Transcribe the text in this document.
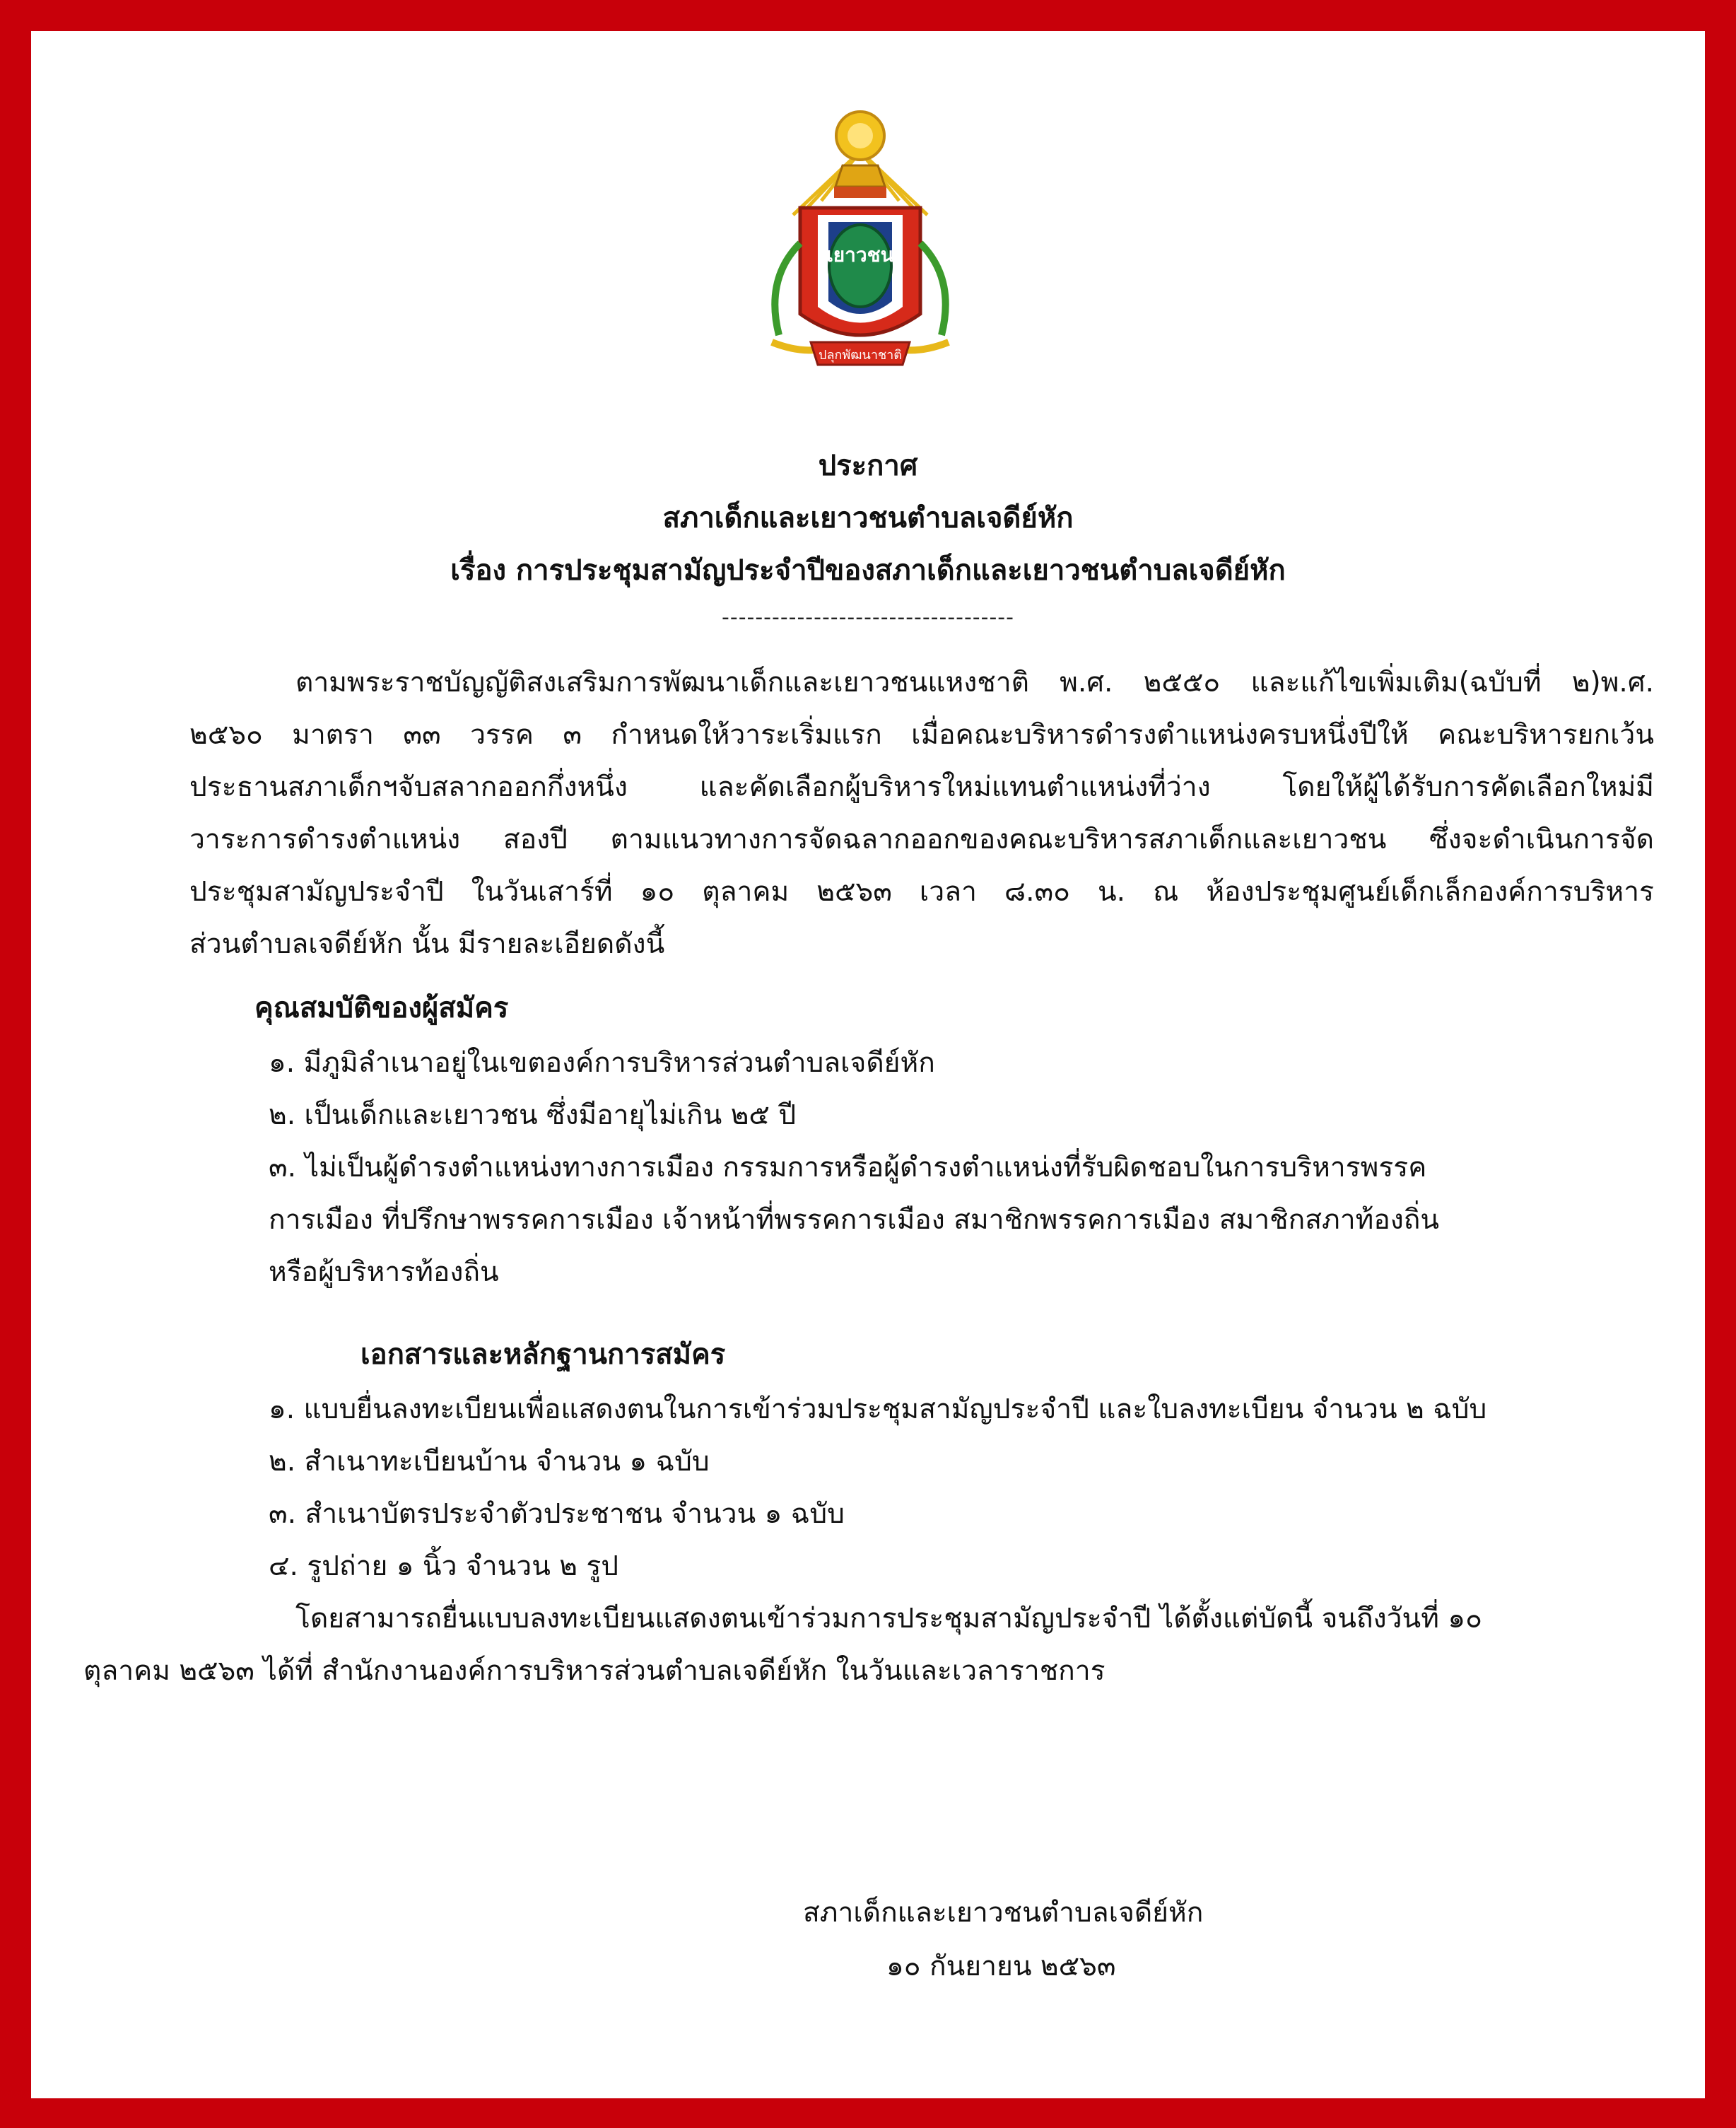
เยาวชน
ปลุกพัฒนาชาติ
ประกาศ
สภาเด็กและเยาวชนตำบลเจดีย์หัก
เรื่อง การประชุมสามัญประจำปีของสภาเด็กและเยาวชนตำบลเจดีย์หัก
-----------------------------------
ตามพระราชบัญญัติสงเสริมการพัฒนาเด็กและเยาวชนแหงชาติ พ.ศ. ๒๕๕๐ และแก้ไขเพิ่มเติม(ฉบับที่ ๒)พ.ศ.
๒๕๖๐ มาตรา ๓๓ วรรค ๓ กำหนดให้วาระเริ่มแรก เมื่อคณะบริหารดำรงตำแหน่งครบหนึ่งปีให้ คณะบริหารยกเว้น
ประธานสภาเด็กฯจับสลากออกกึ่งหนึ่ง และคัดเลือกผู้บริหารใหม่แทนตำแหน่งที่ว่าง โดยให้ผู้ได้รับการคัดเลือกใหม่มี
วาระการดำรงตำแหน่ง สองปี ตามแนวทางการจัดฉลากออกของคณะบริหารสภาเด็กและเยาวชน ซึ่งจะดำเนินการจัด
ประชุมสามัญประจำปี ในวันเสาร์ที่ ๑๐ ตุลาคม ๒๕๖๓ เวลา ๘.๓๐ น. ณ ห้องประชุมศูนย์เด็กเล็กองค์การบริหาร
ส่วนตำบลเจดีย์หัก นั้น มีรายละเอียดดังนี้
คุณสมบัติของผู้สมัคร
๑. มีภูมิลำเนาอยู่ในเขตองค์การบริหารส่วนตำบลเจดีย์หัก
๒. เป็นเด็กและเยาวชน ซึ่งมีอายุไม่เกิน ๒๕ ปี
๓. ไม่เป็นผู้ดำรงตำแหน่งทางการเมือง กรรมการหรือผู้ดำรงตำแหน่งที่รับผิดชอบในการบริหารพรรค
การเมือง ที่ปรึกษาพรรคการเมือง เจ้าหน้าที่พรรคการเมือง สมาชิกพรรคการเมือง สมาชิกสภาท้องถิ่น
หรือผู้บริหารท้องถิ่น
เอกสารและหลักฐานการสมัคร
๑. แบบยื่นลงทะเบียนเพื่อแสดงตนในการเข้าร่วมประชุมสามัญประจำปี และใบลงทะเบียน จำนวน ๒ ฉบับ
๒. สำเนาทะเบียนบ้าน จำนวน ๑ ฉบับ
๓. สำเนาบัตรประจำตัวประชาชน จำนวน ๑ ฉบับ
๔. รูปถ่าย ๑ นิ้ว จำนวน ๒ รูป
โดยสามารถยื่นแบบลงทะเบียนแสดงตนเข้าร่วมการประชุมสามัญประจำปี ได้ตั้งแต่บัดนี้ จนถึงวันที่ ๑๐
ตุลาคม ๒๕๖๓ ได้ที่ สำนักงานองค์การบริหารส่วนตำบลเจดีย์หัก ในวันและเวลาราชการ
สภาเด็กและเยาวชนตำบลเจดีย์หัก
๑๐ กันยายน ๒๕๖๓
